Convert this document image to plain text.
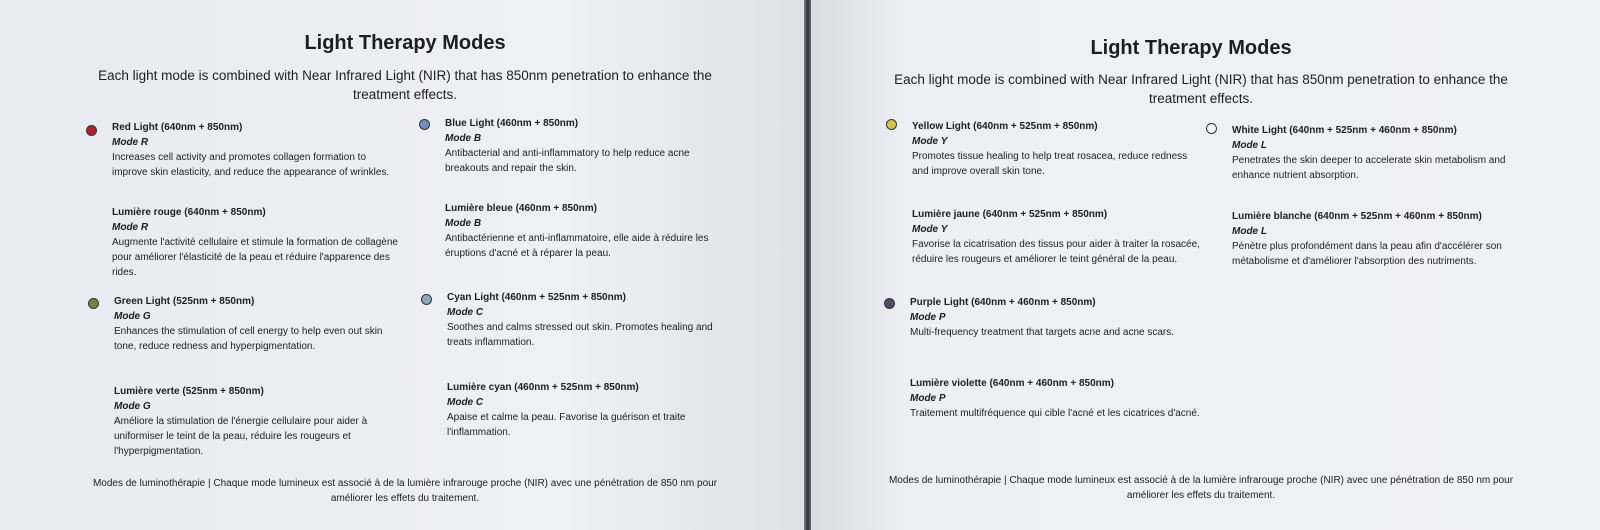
Light Therapy Modes
Each light mode is combined with Near Infrared Light (NIR) that has 850nm penetration to enhance the treatment effects.
Red Light (640nm + 850nm)
Mode R
Increases cell activity and promotes collagen formation to improve skin elasticity, and reduce the appearance of wrinkles.
Lumière rouge (640nm + 850nm)
Mode R
Augmente l'activité cellulaire et stimule la formation de collagène pour améliorer l'élasticité de la peau et réduire l'apparence des rides.
Green Light (525nm + 850nm)
Mode G
Enhances the stimulation of cell energy to help even out skin tone, reduce redness and hyperpigmentation.
Lumière verte (525nm + 850nm)
Mode G
Améliore la stimulation de l'énergie cellulaire pour aider à uniformiser le teint de la peau, réduire les rougeurs et l'hyperpigmentation.
Blue Light (460nm + 850nm)
Mode B
Antibacterial and anti-inflammatory to help reduce acne breakouts and repair the skin.
Lumière bleue (460nm + 850nm)
Mode B
Antibactérienne et anti-inflammatoire, elle aide à réduire les éruptions d'acné et à réparer la peau.
Cyan Light (460nm + 525nm + 850nm)
Mode C
Soothes and calms stressed out skin. Promotes healing and treats inflammation.
Lumière cyan (460nm + 525nm + 850nm)
Mode C
Apaise et calme la peau. Favorise la guérison et traite l'inflammation.
Modes de luminothérapie | Chaque mode lumineux est associé à de la lumière infrarouge proche (NIR) avec une pénétration de 850 nm pour améliorer les effets du traitement.
Light Therapy Modes
Each light mode is combined with Near Infrared Light (NIR) that has 850nm penetration to enhance the treatment effects.
Yellow Light (640nm + 525nm + 850nm)
Mode Y
Promotes tissue healing to help treat rosacea, reduce redness and improve overall skin tone.
Lumière jaune (640nm + 525nm + 850nm)
Mode Y
Favorise la cicatrisation des tissus pour aider à traiter la rosacée, réduire les rougeurs et améliorer le teint général de la peau.
Purple Light (640nm + 460nm + 850nm)
Mode P
Multi-frequency treatment that targets acne and acne scars.
Lumière violette (640nm + 460nm + 850nm)
Mode P
Traitement multifréquence qui cible l'acné et les cicatrices d'acné.
White Light (640nm + 525nm + 460nm + 850nm)
Mode L
Penetrates the skin deeper to accelerate skin metabolism and enhance nutrient absorption.
Lumière blanche (640nm + 525nm + 460nm + 850nm)
Mode L
Pénètre plus profondément dans la peau afin d'accélérer son métabolisme et d'améliorer l'absorption des nutriments.
Modes de luminothérapie | Chaque mode lumineux est associé à de la lumière infrarouge proche (NIR) avec une pénétration de 850 nm pour améliorer les effets du traitement.
